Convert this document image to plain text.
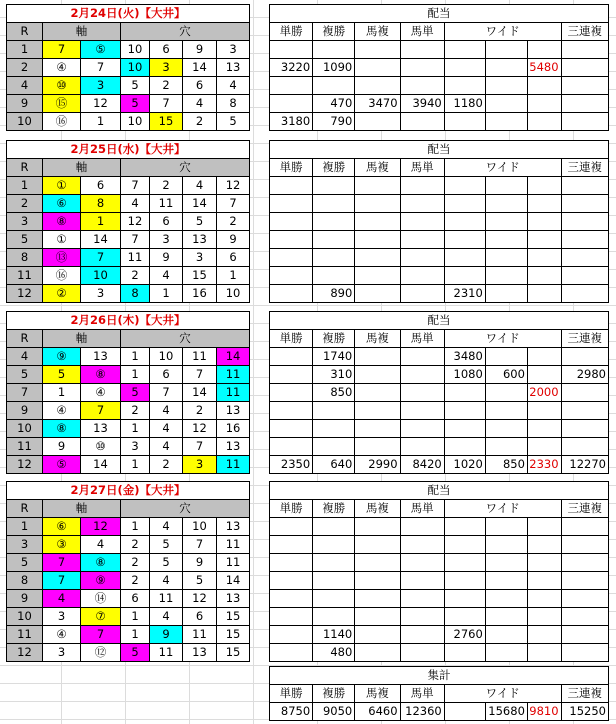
2月24日(火)【大井】						
R	軸		穴			
1	7	⑤	10	6	9	3
2	④	7	10	3	14	13
4	⑩	3	5	2	6	4
9	⑮	12	5	7	4	8
10	⑯	1	10	15	2	5
配当							
単勝	複勝	馬複	馬単	ワイド			三連複

3220	1090					5480	

	470	3470	3940	1180			
3180	790						
2月25日(水)【大井】						
R	軸		穴			
1	①	6	7	2	4	12
2	⑥	8	4	11	14	7
3	⑧	1	12	6	5	2
5	①	14	7	3	13	9
8	⑬	7	11	9	3	6
11	⑯	10	2	4	15	1
12	②	3	8	1	16	10
配当							
単勝	複勝	馬複	馬単	ワイド			三連複

	890			2310			
2月26日(木)【大井】						
R	軸		穴			
4	⑨	13	1	10	11	14
5	5	⑧	1	6	7	11
7	1	④	5	7	14	11
9	④	7	2	4	2	13
10	⑧	13	1	4	12	16
11	9	⑩	3	4	7	13
12	⑤	14	1	2	3	11
配当							
単勝	複勝	馬複	馬単	ワイド			三連複
	1740			3480			
	310			1080	600		2980
	850					2000	

2350	640	2990	8420	1020	850	2330	12270
2月27日(金)【大井】						
R	軸		穴			
1	⑥	12	1	4	10	13
3	③	4	2	5	7	11
5	7	⑧	2	5	9	11
8	7	⑨	2	4	5	14
9	4	⑭	6	11	12	13
10	3	⑦	1	4	6	15
11	④	7	1	9	11	15
12	3	⑫	5	11	13	15
配当							
単勝	複勝	馬複	馬単	ワイド			三連複

	1140			2760			
	480						
集計							
単勝	複勝	馬複	馬単	ワイド			三連複
8750	9050	6460	12360		15680	9810	15250
